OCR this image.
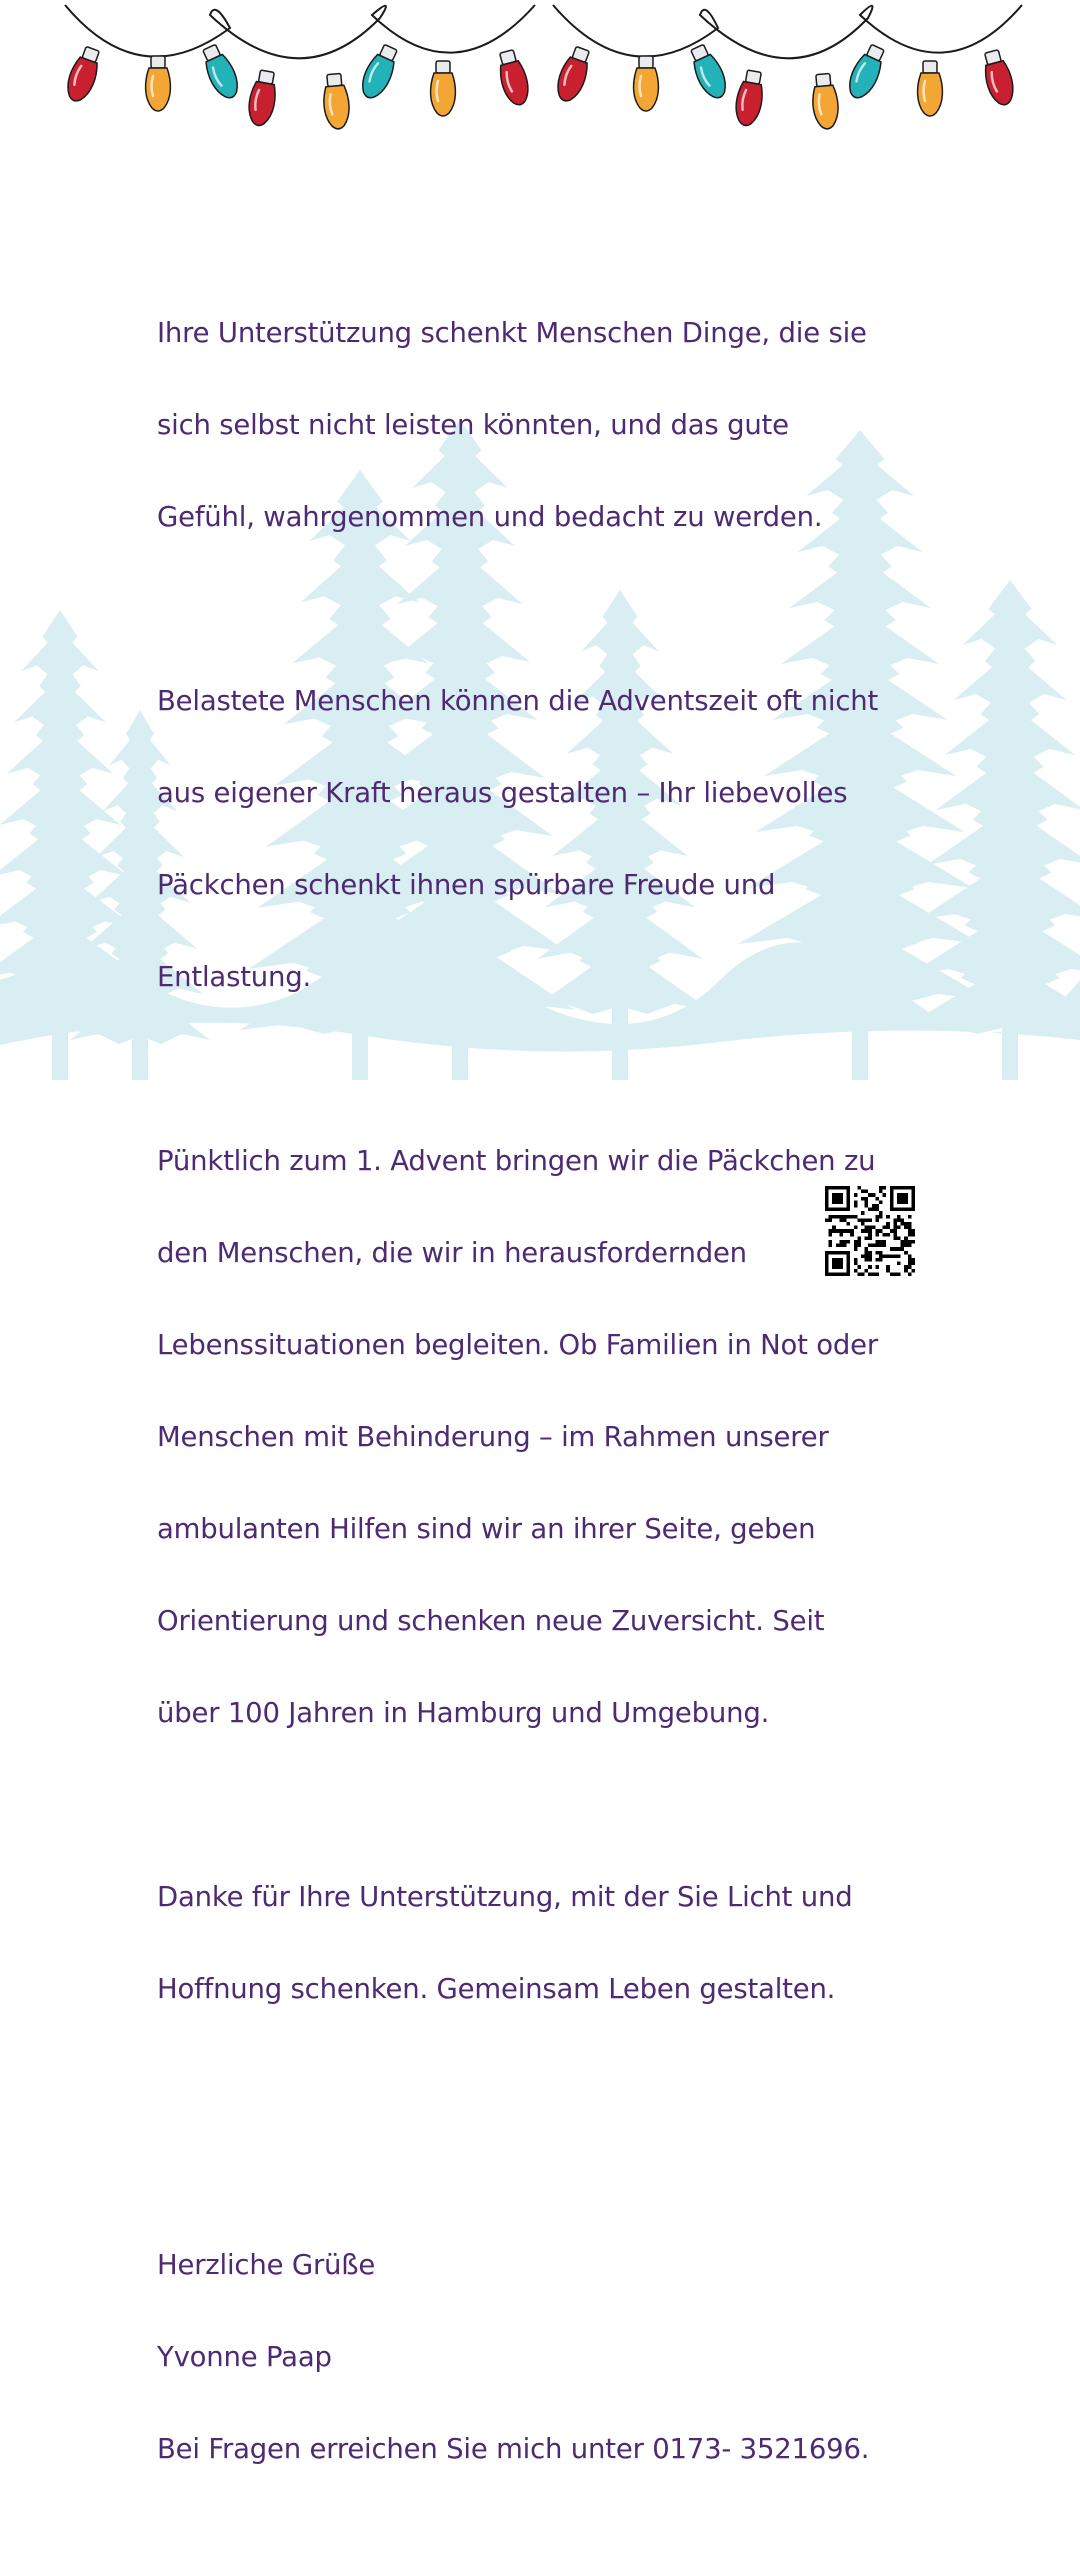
Ihre Unterstützung schenkt Menschen Dinge, die sie

sich selbst nicht leisten könnten, und das gute

Gefühl, wahrgenommen und bedacht zu werden.

Belastete Menschen können die Adventszeit oft nicht

aus eigener Kraft heraus gestalten – Ihr liebevolles

Päckchen schenkt ihnen spürbare Freude und

Entlastung.

Pünktlich zum 1. Advent bringen wir die Päckchen zu

den Menschen, die wir in herausfordernden

Lebenssituationen begleiten. Ob Familien in Not oder

Menschen mit Behinderung – im Rahmen unserer

ambulanten Hilfen sind wir an ihrer Seite, geben

Orientierung und schenken neue Zuversicht. Seit

über 100 Jahren in Hamburg und Umgebung.

Danke für Ihre Unterstützung, mit der Sie Licht und

Hoffnung schenken. Gemeinsam Leben gestalten.

Herzliche Grüße

Yvonne Paap

Bei Fragen erreichen Sie mich unter 0173- 3521696.
